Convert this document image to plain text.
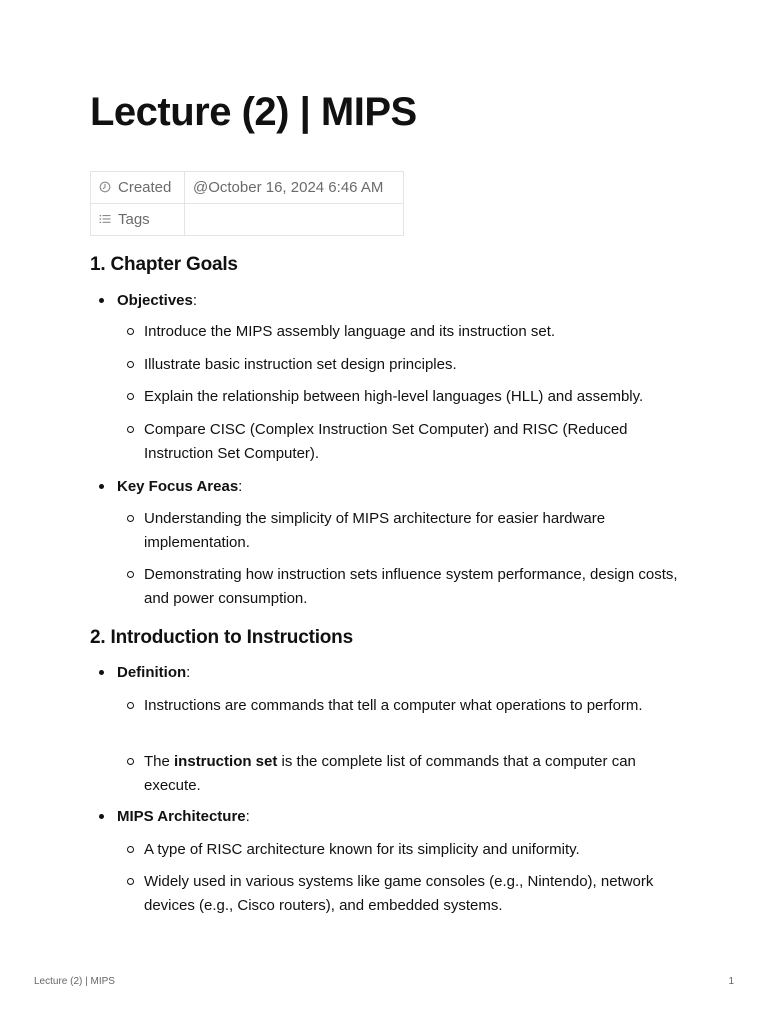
Lecture (2) | MIPS
Created	@October 16, 2024 6:46 AM
Tags	
1. Chapter Goals
Objectives:
Introduce the MIPS assembly language and its instruction set.
Illustrate basic instruction set design principles.
Explain the relationship between high-level languages (HLL) and assembly.
Compare CISC (Complex Instruction Set Computer) and RISC (Reduced Instruction Set Computer).
Key Focus Areas:
Understanding the simplicity of MIPS architecture for easier hardware implementation.
Demonstrating how instruction sets influence system performance, design costs, and power consumption.
2. Introduction to Instructions
Definition:
Instructions are commands that tell a computer what operations to perform.
The instruction set is the complete list of commands that a computer can execute.
MIPS Architecture:
A type of RISC architecture known for its simplicity and uniformity.
Widely used in various systems like game consoles (e.g., Nintendo), network devices (e.g., Cisco routers), and embedded systems.
Lecture (2) | MIPS	1
